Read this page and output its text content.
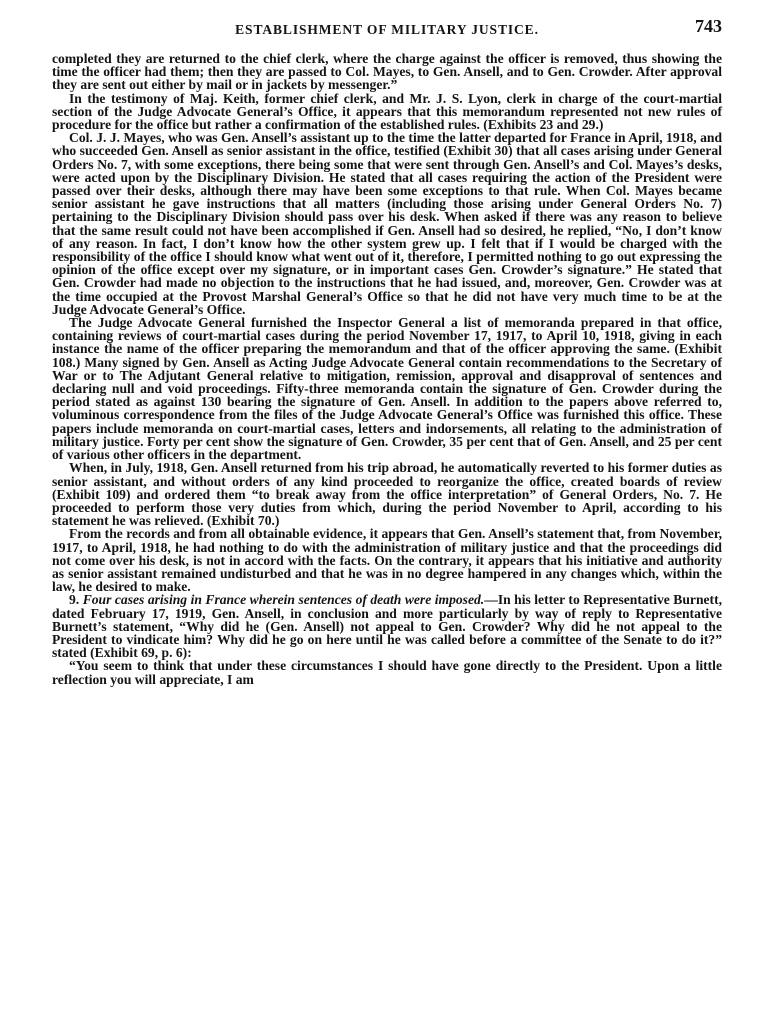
ESTABLISHMENT OF MILITARY JUSTICE.	743

completed they are returned to the chief clerk, where the charge against the officer is removed, thus showing the time the officer had them; then they are passed to Col. Mayes, to Gen. Ansell, and to Gen. Crowder. After approval they are sent out either by mail or in jackets by messenger.”

In the testimony of Maj. Keith, former chief clerk, and Mr. J. S. Lyon, clerk in charge of the court-martial section of the Judge Advocate General’s Office, it appears that this memorandum represented not new rules of procedure for the office but rather a confirmation of the established rules. (Exhibits 23 and 29.)

Col. J. J. Mayes, who was Gen. Ansell’s assistant up to the time the latter departed for France in April, 1918, and who succeeded Gen. Ansell as senior assistant in the office, testified (Exhibit 30) that all cases arising under General Orders No. 7, with some exceptions, there being some that were sent through Gen. Ansell’s and Col. Mayes’s desks, were acted upon by the Disciplinary Division. He stated that all cases requiring the action of the President were passed over their desks, although there may have been some exceptions to that rule. When Col. Mayes became senior assistant he gave instructions that all matters (including those arising under General Orders No. 7) pertaining to the Disciplinary Division should pass over his desk. When asked if there was any reason to believe that the same result could not have been accomplished if Gen. Ansell had so desired, he replied, “No, I don’t know of any reason. In fact, I don’t know how the other system grew up. I felt that if I would be charged with the responsibility of the office I should know what went out of it, therefore, I permitted nothing to go out expressing the opinion of the office except over my signature, or in important cases Gen. Crowder’s signature.” He stated that Gen. Crowder had made no objection to the instructions that he had issued, and, moreover, Gen. Crowder was at the time occupied at the Provost Marshal General’s Office so that he did not have very much time to be at the Judge Advocate General’s Office.

The Judge Advocate General furnished the Inspector General a list of memoranda prepared in that office, containing reviews of court-martial cases during the period November 17, 1917, to April 10, 1918, giving in each instance the name of the officer preparing the memorandum and that of the officer approving the same. (Exhibit 108.) Many signed by Gen. Ansell as Acting Judge Advocate General contain recommendations to the Secretary of War or to The Adjutant General relative to mitigation, remission, approval and disapproval of sentences and declaring null and void proceedings. Fifty-three memoranda contain the signature of Gen. Crowder during the period stated as against 130 bearing the signature of Gen. Ansell. In addition to the papers above referred to, voluminous correspondence from the files of the Judge Advocate General’s Office was furnished this office. These papers include memoranda on court-martial cases, letters and indorsements, all relating to the administration of military justice. Forty per cent show the signature of Gen. Crowder, 35 per cent that of Gen. Ansell, and 25 per cent of various other officers in the department.

When, in July, 1918, Gen. Ansell returned from his trip abroad, he automatically reverted to his former duties as senior assistant, and without orders of any kind proceeded to reorganize the office, created boards of review (Exhibit 109) and ordered them “to break away from the office interpretation” of General Orders, No. 7. He proceeded to perform those very duties from which, during the period November to April, according to his statement he was relieved. (Exhibit 70.)

From the records and from all obtainable evidence, it appears that Gen. Ansell’s statement that, from November, 1917, to April, 1918, he had nothing to do with the administration of military justice and that the proceedings did not come over his desk, is not in accord with the facts. On the contrary, it appears that his initiative and authority as senior assistant remained undisturbed and that he was in no degree hampered in any changes which, within the law, he desired to make.

9. Four cases arising in France wherein sentences of death were imposed.—In his letter to Representative Burnett, dated February 17, 1919, Gen. Ansell, in conclusion and more particularly by way of reply to Representative Burnett’s statement, “Why did he (Gen. Ansell) not appeal to Gen. Crowder? Why did he not appeal to the President to vindicate him? Why did he go on here until he was called before a committee of the Senate to do it?” stated (Exhibit 69, p. 6):

“You seem to think that under these circumstances I should have gone directly to the President. Upon a little reflection you will appreciate, I am
